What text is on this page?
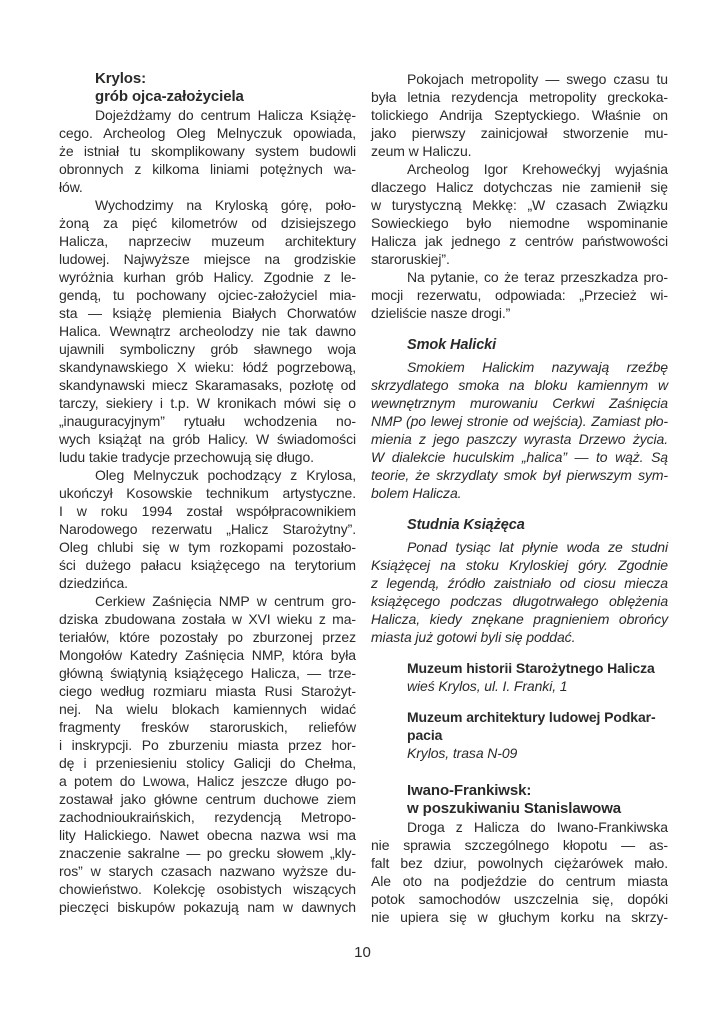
Krylos:
grób ojca-założyciela
Dojeżdżamy do centrum Halicza Książę-
cego. Archeolog Oleg Melnyczuk opowiada,
że istniał tu skomplikowany system budowli
obronnych z kilkoma liniami potężnych wa-
łów.
Wychodzimy na Kryloską górę, poło-
żoną za pięć kilometrów od dzisiejszego
Halicza, naprzeciw muzeum architektury
ludowej. Najwyższe miejsce na grodziskie
wyróżnia kurhan grób Halicy. Zgodnie z le-
gendą, tu pochowany ojciec-założyciel mia-
sta — książę plemienia Białych Chorwatów
Halica. Wewnątrz archeolodzy nie tak dawno
ujawnili symboliczny grób sławnego woja
skandynawskiego X wieku: łódź pogrzebową,
skandynawski miecz Skaramasaks, pozłotę od
tarczy, siekiery i t.p. W kronikach mówi się o
„inauguracyjnym” rytuału wchodzenia no-
wych książąt na grób Halicy. W świadomości
ludu takie tradycje przechowują się długo.
Oleg Melnyczuk pochodzący z Krylosa,
ukończył Kosowskie technikum artystyczne.
I w roku 1994 został współpracownikiem
Narodowego rezerwatu „Halicz Starożytny”.
Oleg chlubi się w tym rozkopami pozostało-
ści dużego pałacu książęcego na terytorium
dziedzińca.
Cerkiew Zaśnięcia NMP w centrum gro-
dziska zbudowana została w XVI wieku z ma-
teriałów, które pozostały po zburzonej przez
Mongołów Katedry Zaśnięcia NMP, która była
główną świątynią książęcego Halicza, — trze-
ciego według rozmiaru miasta Rusi Starożyt-
nej. Na wielu blokach kamiennych widać
fragmenty fresków staroruskich, reliefów
i inskrypcji. Po zburzeniu miasta przez hor-
dę i przeniesieniu stolicy Galicji do Chełma,
a potem do Lwowa, Halicz jeszcze długo po-
zostawał jako główne centrum duchowe ziem
zachodnioukraińskich, rezydencją Metropo-
lity Halickiego. Nawet obecna nazwa wsi ma
znaczenie sakralne — po grecku słowem „kly-
ros” w starych czasach nazwano wyższe du-
chowieństwo. Kolekcję osobistych wiszących
pieczęci biskupów pokazują nam w dawnych
Pokojach metropolity — swego czasu tu
była letnia rezydencja metropolity greckoka-
tolickiego Andrija Szeptyckiego. Właśnie on
jako pierwszy zainicjował stworzenie mu-
zeum w Haliczu.
Archeolog Igor Krehowećkyj wyjaśnia
dlaczego Halicz dotychczas nie zamienił się
w turystyczną Mekkę: „W czasach Związku
Sowieckiego było niemodne wspominanie
Halicza jak jednego z centrów państwowości
staroruskiej”.
Na pytanie, co że teraz przeszkadza pro-
mocji rezerwatu, odpowiada: „Przecież wi-
dzieliście nasze drogi.”
Smok Halicki
Smokiem Halickim nazywają rzeźbę
skrzydlatego smoka na bloku kamiennym w
wewnętrznym murowaniu Cerkwi Zaśnięcia
NMP (po lewej stronie od wejścia). Zamiast pło-
mienia z jego paszczy wyrasta Drzewo życia.
W dialekcie huculskim „halica” — to wąż. Są
teorie, że skrzydlaty smok był pierwszym sym-
bolem Halicza.
Studnia Książęca
Ponad tysiąc lat płynie woda ze studni
Książęcej na stoku Kryloskiej góry. Zgodnie
z legendą, źródło zaistniało od ciosu miecza
książęcego podczas długotrwałego oblężenia
Halicza, kiedy znękane pragnieniem obrońcy
miasta już gotowi byli się poddać.
Muzeum historii Starożytnego Halicza
wieś Krylos, ul. I. Franki, 1
Muzeum architektury ludowej Podkar-
pacia
Krylos, trasa N-09
Iwano-Frankiwsk:
w poszukiwaniu Stanislawowa
Droga z Halicza do Iwano-Frankiwska
nie sprawia szczególnego kłopotu — as-
falt bez dziur, powolnych ciężarówek mało.
Ale oto na podjeździe do centrum miasta
potok samochodów uszczelnia się, dopóki
nie upiera się w głuchym korku na skrzy-
10
